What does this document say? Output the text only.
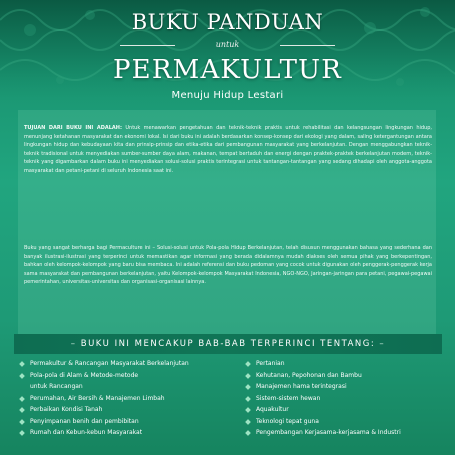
BUKU PANDUAN
untuk
PERMAKULTUR
Menuju Hidup Lestari
TUJUAN DARI BUKU INI ADALAH: Untuk menawarkan pengetahuan dan teknik-teknik praktis untuk rehabilitasi dan kelangsungan lingkungan hidup, menunjang ketahanan masyarakat dan ekonomi lokal. Isi dari buku ini adalah berdasarkan konsep-konsep dari ekologi yang dalam, saling ketergantungan antara lingkungan hidup dan kebudayaan kita dan prinsip-prinsip dan etika-etika dari pembangunan masyarakat yang berkelanjutan. Dengan menggabungkan teknik-teknik tradisional untuk menyediakan sumber-sumber daya alam, makanan, tempat bertaduh dan energi dengan praktek-praktek berkelanjutan modern, teknik-teknik yang digambarkan dalam buku ini menyediakan solusi-solusi praktis terintegrasi untuk tantangan-tantangan yang sedang dihadapi oleh anggota-anggota masyarakat dan petani-petani di seluruh Indonesia saat ini.
Buku yang sangat berharga bagi Permaculture ini – Solusi-solusi untuk Pola-pola Hidup Berkelanjutan, telah disusun menggunakan bahasa yang sederhana dan banyak ilustrasi-ilustrasi yang terperinci untuk memastikan agar informasi yang berada didalamnya mudah diakses oleh semua pihak yang berkepentingan, bahkan oleh kelompok-kelompok yang baru bisa membaca. Ini adalah referensi dan buku pedoman yang cocok untuk digunakan oleh penggerak-penggerak kerja sama masyarakat dan pembangunan berkelanjutan, yaitu Kelompok-kelompok Masyarakat Indonesia, NGO-NGO, Jaringan-jaringan para petani, pegawai-pegawai pemerintahan, universitas-universitas dan organisasi-organisasi lainnya.
– BUKU INI MENCAKUP BAB-BAB TERPERINCI TENTANG: –
Permakultur & Rancangan Masyarakat Berkelanjutan
Pola-pola di Alam & Metode-metode
untuk Rancangan
Perumahan, Air Bersih & Manajemen Limbah
Perbaikan Kondisi Tanah
Penyimpanan benih dan pembibitan
Rumah dan Kebun-kebun Masyarakat
Pertanian
Kehutanan, Pepohonan dan Bambu
Manajemen hama terintegrasi
Sistem-sistem hewan
Aquakultur
Teknologi tepat guna
Pengembangan Kerjasama-kerjasama & Industri
